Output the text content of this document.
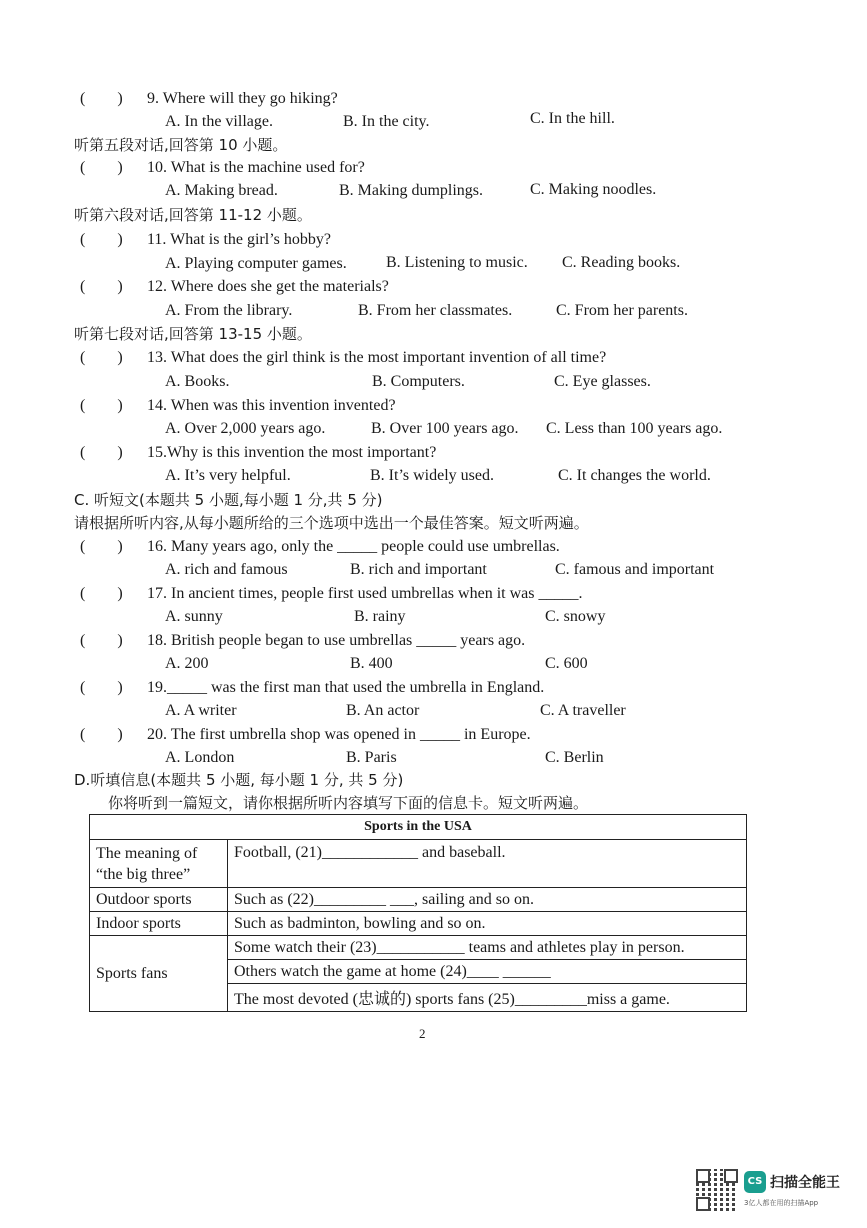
(        ) 9. Where will they go hiking?
A. In the village.	B. In the city.	C. In the hill.
听第五段对话,回答第 10 小题。
(        ) 10. What is the machine used for?
A. Making bread.	B. Making dumplings.	C. Making noodles.
听第六段对话,回答第 11-12 小题。
(        ) 11. What is the girl’s hobby?
A. Playing computer games. B. Listening to music. C. Reading books.
(        ) 12. Where does she get the materials?
A. From the library.	B. From her classmates.	C. From her parents.
听第七段对话,回答第 13-15 小题。
(        ) 13. What does the girl think is the most important invention of all time?
A. Books.	B. Computers.	C. Eye glasses.
(        ) 14. When was this invention invented?
A. Over 2,000 years ago.	B. Over 100 years ago. C. Less than 100 years ago.
(        ) 15.Why is this invention the most important?
A. It’s very helpful.	B. It’s widely used.	C. It changes the world.
C. 听短文(本题共 5 小题,每小题 1 分,共 5 分)
请根据所听内容,从每小题所给的三个选项中选出一个最佳答案。短文听两遍。
(        ) 16. Many years ago, only the _____ people could use umbrellas.
A. rich and famous	B. rich and important	C. famous and important
(        ) 17. In ancient times, people first used umbrellas when it was _____.
A. sunny	B. rainy	C. snowy
(        ) 18. British people began to use umbrellas _____ years ago.
A. 200	B. 400	C. 600
(        ) 19._____ was the first man that used the umbrella in England.
A. A writer	B. An actor	C. A traveller
(        ) 20. The first umbrella shop was opened in _____ in Europe.
A. London	B. Paris	C. Berlin
D.听填信息(本题共 5 小题, 每小题 1 分, 共 5 分)
你将听到一篇短文，请你根据所听内容填写下面的信息卡。短文听两遍。
Sports in the USA	
The meaning of “the big three”	Football, (21)____________ and baseball.
Outdoor sports	Such as (22)_________ ___, sailing and so on.
Indoor sports	Such as badminton, bowling and so on.
Sports fans	Some watch their (23)___________ teams and athletes play in person.
	Others watch the game at home (24)____ ______
	The most devoted (忠诚的) sports fans (25)_________miss a game.
2
CS 扫描全能王
3亿人都在用的扫描App
